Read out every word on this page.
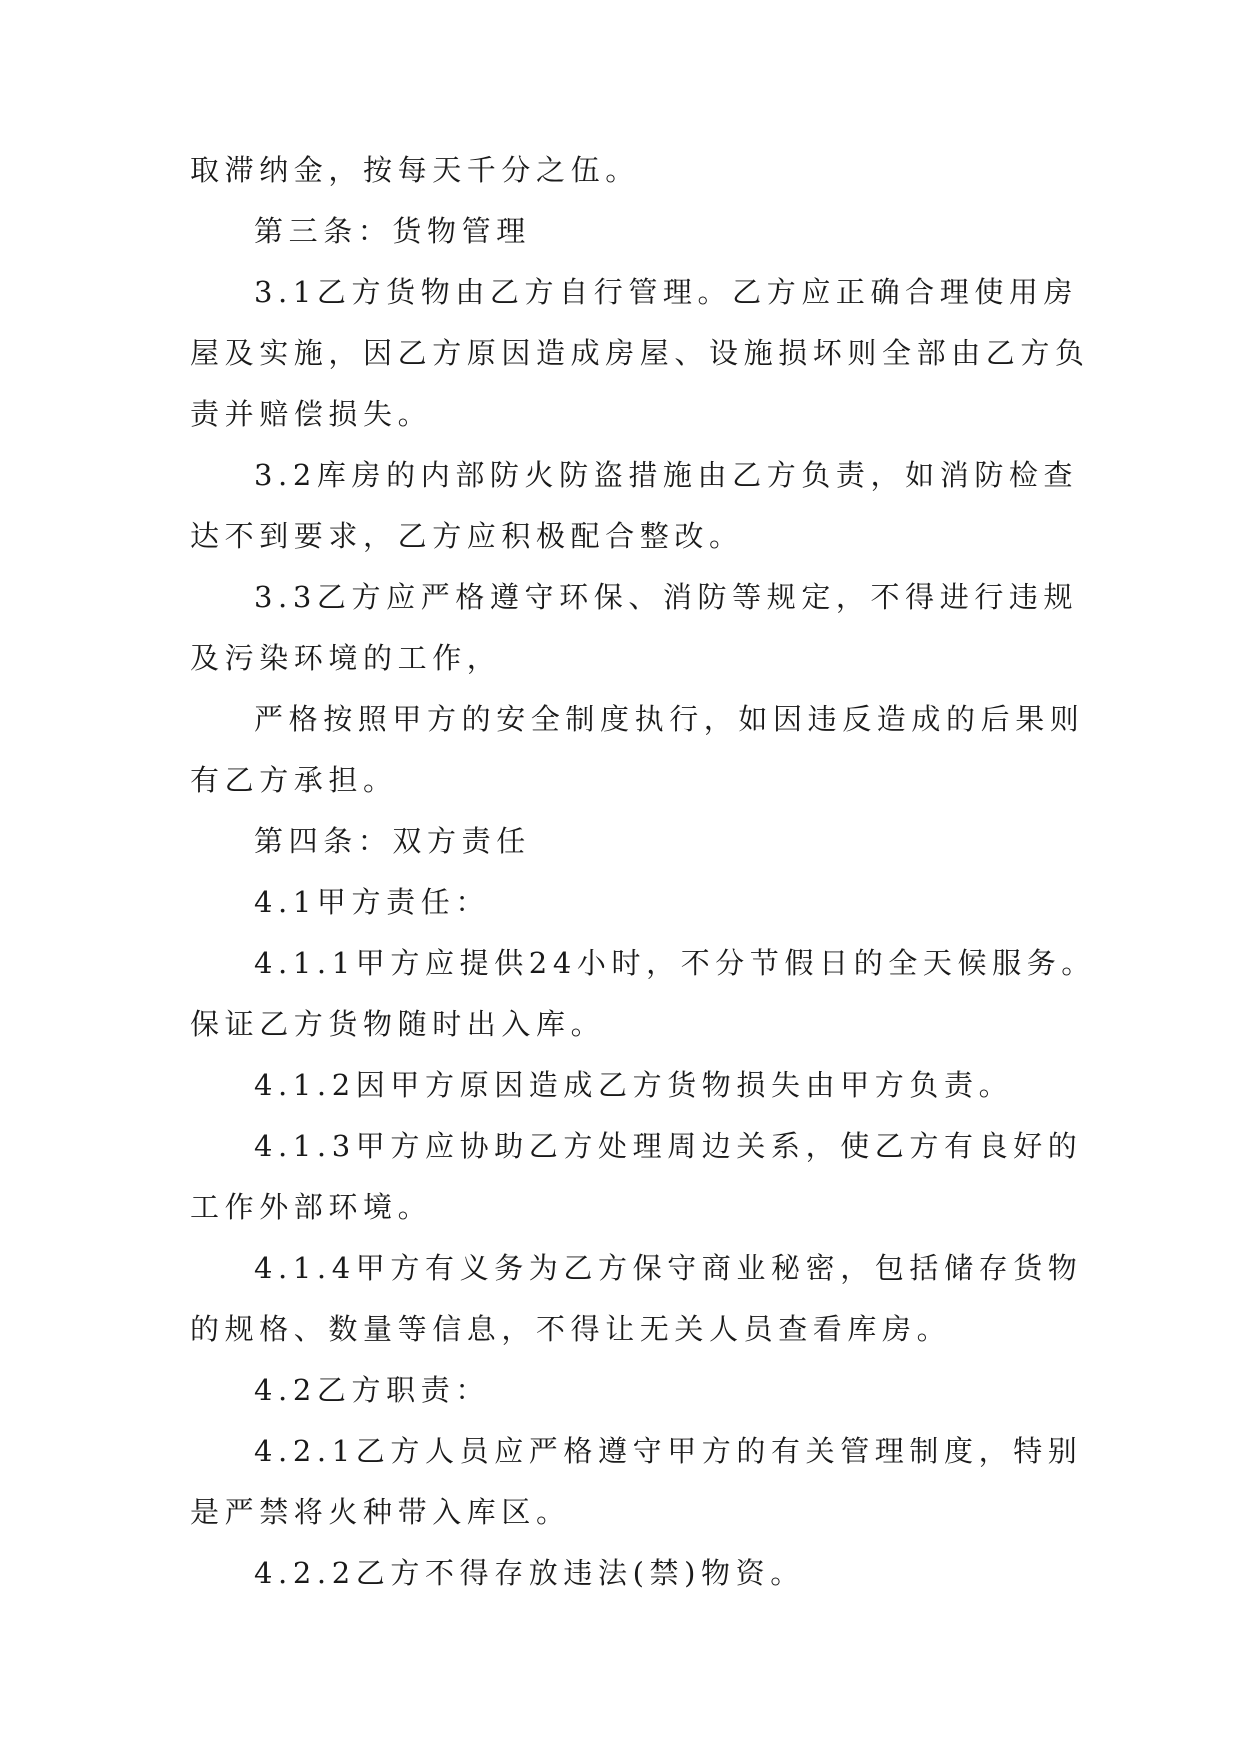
取滞纳金，按每天千分之伍。
第三条：货物管理
3.1乙方货物由乙方自行管理。乙方应正确合理使用房
屋及实施，因乙方原因造成房屋、设施损坏则全部由乙方负
责并赔偿损失。
3.2库房的内部防火防盗措施由乙方负责，如消防检查
达不到要求，乙方应积极配合整改。
3.3乙方应严格遵守环保、消防等规定，不得进行违规
及污染环境的工作，
严格按照甲方的安全制度执行，如因违反造成的后果则
有乙方承担。
第四条：双方责任
4.1甲方责任：
4.1.1甲方应提供24小时，不分节假日的全天候服务。
保证乙方货物随时出入库。
4.1.2因甲方原因造成乙方货物损失由甲方负责。
4.1.3甲方应协助乙方处理周边关系，使乙方有良好的
工作外部环境。
4.1.4甲方有义务为乙方保守商业秘密，包括储存货物
的规格、数量等信息，不得让无关人员查看库房。
4.2乙方职责：
4.2.1乙方人员应严格遵守甲方的有关管理制度，特别
是严禁将火种带入库区。
4.2.2乙方不得存放违法(禁)物资。
